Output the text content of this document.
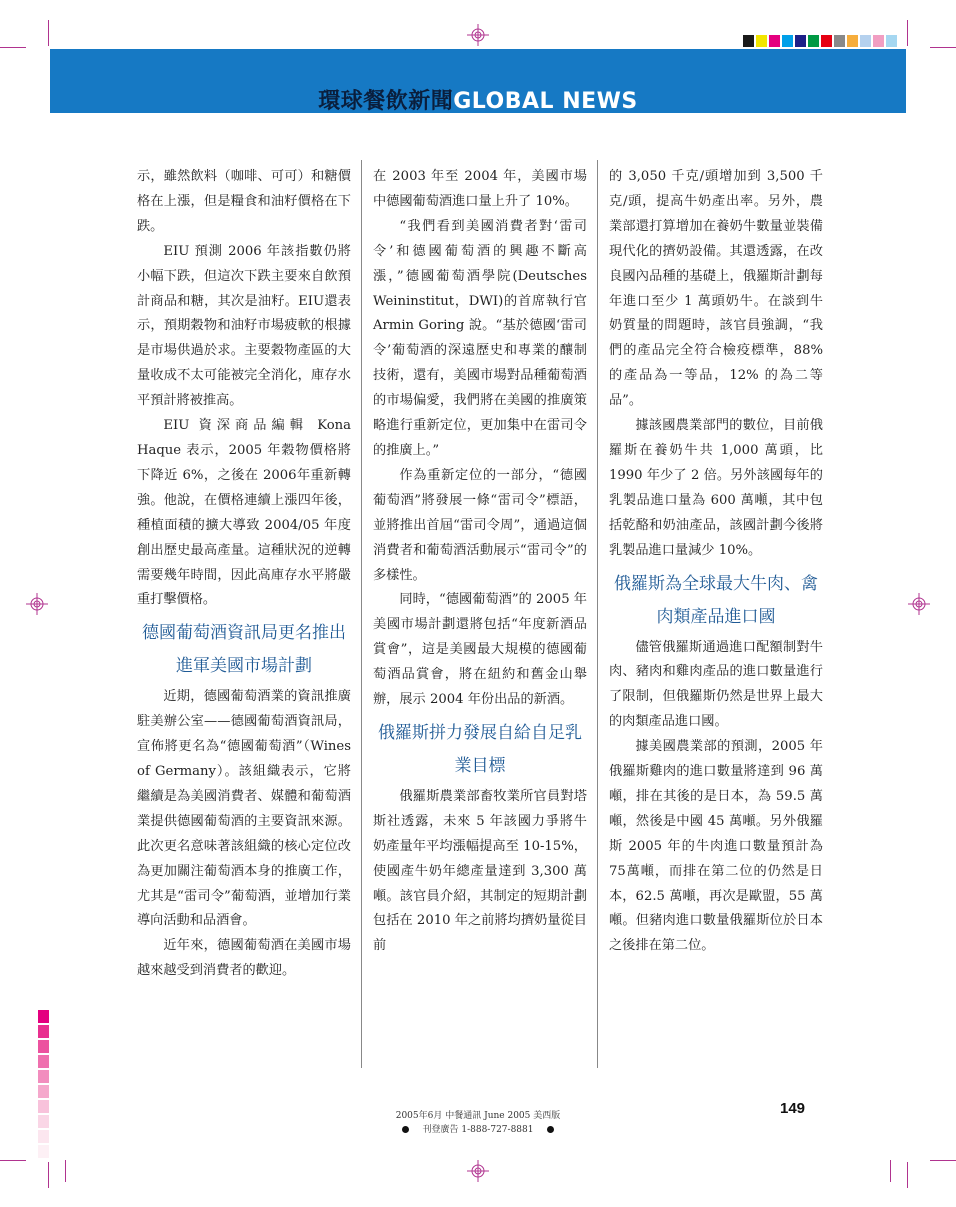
環球餐飲新聞GLOBAL NEWS

示，雖然飲料（咖啡、可可）和糖價格在上漲，但是糧食和油籽價格在下跌。

EIU 預測 2006 年該指數仍將小幅下跌，但這次下跌主要來自飲預計商品和糖，其次是油籽。EIU還表示，預期穀物和油籽市場疲軟的根據是市場供過於求。主要穀物產區的大量收成不太可能被完全消化，庫存水平預計將被推高。

EIU 資深商品編輯 Kona Haque 表示，2005 年穀物價格將下降近 6%，之後在 2006年重新轉強。他說，在價格連續上漲四年後，種植面積的擴大導致 2004/05 年度創出歷史最高產量。這種狀況的逆轉需要幾年時間，因此高庫存水平將嚴重打擊價格。

德國葡萄酒資訊局更名推出進軍美國市場計劃

近期，德國葡萄酒業的資訊推廣駐美辦公室——德國葡萄酒資訊局，宣佈將更名為“德國葡萄酒”（Wines of Germany）。該組織表示，它將繼續是為美國消費者、媒體和葡萄酒業提供德國葡萄酒的主要資訊來源。此次更名意味著該組織的核心定位改為更加關注葡萄酒本身的推廣工作，尤其是“雷司令”葡萄酒，並增加行業導向活動和品酒會。

近年來，德國葡萄酒在美國市場越來越受到消費者的歡迎。

在 2003 年至 2004 年，美國市場中德國葡萄酒進口量上升了 10%。

“我們看到美國消費者對‘雷司令’和德國葡萄酒的興趣不斷高漲，”德國葡萄酒學院(Deutsches Weininstitut，DWI)的首席執行官 Armin Goring 說。“基於德國‘雷司令’葡萄酒的深遠歷史和專業的釀制技術，還有，美國市場對品種葡萄酒的市場偏愛，我們將在美國的推廣策略進行重新定位，更加集中在雷司令的推廣上。”

作為重新定位的一部分，“德國葡萄酒”將發展一條“雷司令”標語，並將推出首屆“雷司令周”，通過這個消費者和葡萄酒活動展示“雷司令”的多樣性。

同時，“德國葡萄酒”的 2005 年美國市場計劃還將包括“年度新酒品賞會”，這是美國最大規模的德國葡萄酒品賞會，將在紐約和舊金山舉辦，展示 2004 年份出品的新酒。

俄羅斯拼力發展自給自足乳業目標

俄羅斯農業部畜牧業所官員對塔斯社透露，未來 5 年該國力爭將牛奶產量年平均漲幅提高至 10-15%，使國產牛奶年總產量達到 3,300 萬噸。該官員介紹，其制定的短期計劃包括在 2010 年之前將均擠奶量從目前

的 3,050 千克/頭增加到 3,500 千克/頭，提高牛奶產出率。另外，農業部還打算增加在養奶牛數量並裝備現代化的擠奶設備。其還透露，在改良國內品種的基礎上，俄羅斯計劃每年進口至少 1 萬頭奶牛。在談到牛奶質量的問題時，該官員強調，“我們的產品完全符合檢疫標準，88% 的產品為一等品，12% 的為二等品”。

據該國農業部門的數位，目前俄羅斯在養奶牛共 1,000 萬頭，比 1990 年少了 2 倍。另外該國每年的乳製品進口量為 600 萬噸，其中包括乾酪和奶油產品，該國計劃今後將乳製品進口量減少 10%。

俄羅斯為全球最大牛肉、禽肉類產品進口國

儘管俄羅斯通過進口配額制對牛肉、豬肉和雞肉產品的進口數量進行了限制，但俄羅斯仍然是世界上最大的肉類產品進口國。

據美國農業部的預測，2005 年俄羅斯雞肉的進口數量將達到 96 萬噸，排在其後的是日本，為 59.5 萬噸，然後是中國 45 萬噸。另外俄羅斯 2005 年的牛肉進口數量預計為 75萬噸，而排在第二位的仍然是日本，62.5 萬噸，再次是歐盟，55 萬噸。但豬肉進口數量俄羅斯位於日本之後排在第二位。

149
2005年6月 中餐通訊 June 2005 美西版
刊登廣告 1-888-727-8881
